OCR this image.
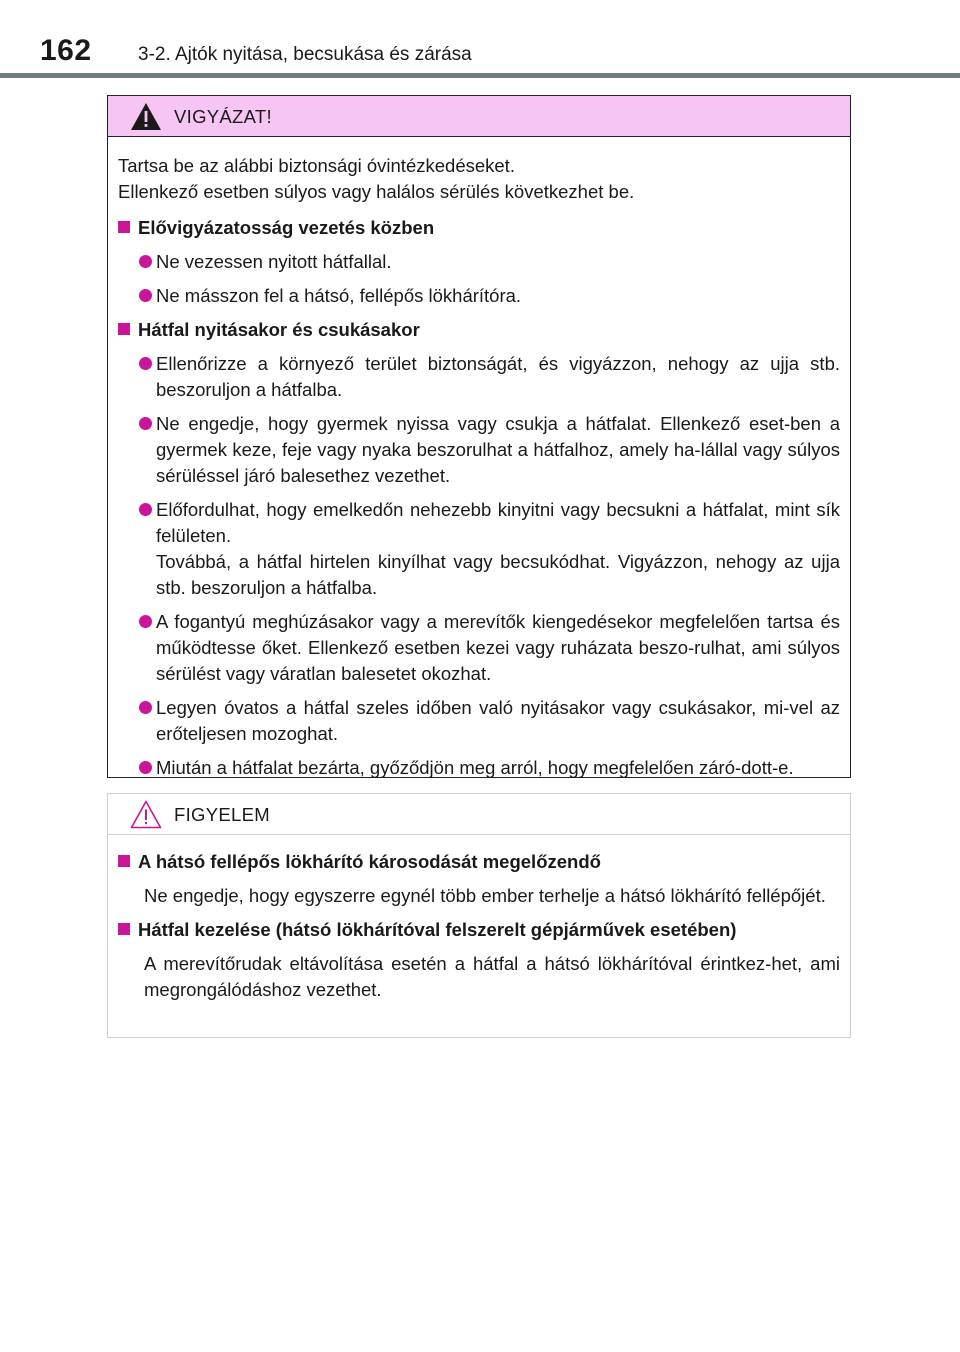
162 3-2. Ajtók nyitása, becsukása és zárása
VIGYÁZAT!

Tartsa be az alábbi biztonsági óvintézkedéseket.

Ellenkező esetben súlyos vagy halálos sérülés következhet be.

Elővigyázatosság vezetés közben
Ne vezessen nyitott hátfallal.
Ne másszon fel a hátsó, fellépős lökhárítóra.
Hátfal nyitásakor és csukásakor
Ellenőrizze a környező terület biztonságát, és vigyázzon, nehogy az ujja stb. beszoruljon a hátfalba.
Ne engedje, hogy gyermek nyissa vagy csukja a hátfalat. Ellenkező eset-ben a gyermek keze, feje vagy nyaka beszorulhat a hátfalhoz, amely ha-lállal vagy súlyos sérüléssel járó balesethez vezethet.

Előfordulhat, hogy emelkedőn nehezebb kinyitni vagy becsukni a hátfalat, mint sík felületen.

Továbbá, a hátfal hirtelen kinyílhat vagy becsukódhat. Vigyázzon, nehogy az ujja stb. beszoruljon a hátfalba.

A fogantyú meghúzásakor vagy a merevítők kiengedésekor megfelelően tartsa és működtesse őket. Ellenkező esetben kezei vagy ruházata beszo-rulhat, ami súlyos sérülést vagy váratlan balesetet okozhat.
Legyen óvatos a hátfal szeles időben való nyitásakor vagy csukásakor, mi-vel az erőteljesen mozoghat.
Miután a hátfalat bezárta, győződjön meg arról, hogy megfelelően záró-dott-e.
FIGYELEM
A hátsó fellépős lökhárító károsodását megelőzendő
Ne engedje, hogy egyszerre egynél több ember terhelje a hátsó lökhárító fellépőjét.
Hátfal kezelése (hátsó lökhárítóval felszerelt gépjárművek esetében)
A merevítőrudak eltávolítása esetén a hátfal a hátsó lökhárítóval érintkez-het, ami megrongálódáshoz vezethet.
